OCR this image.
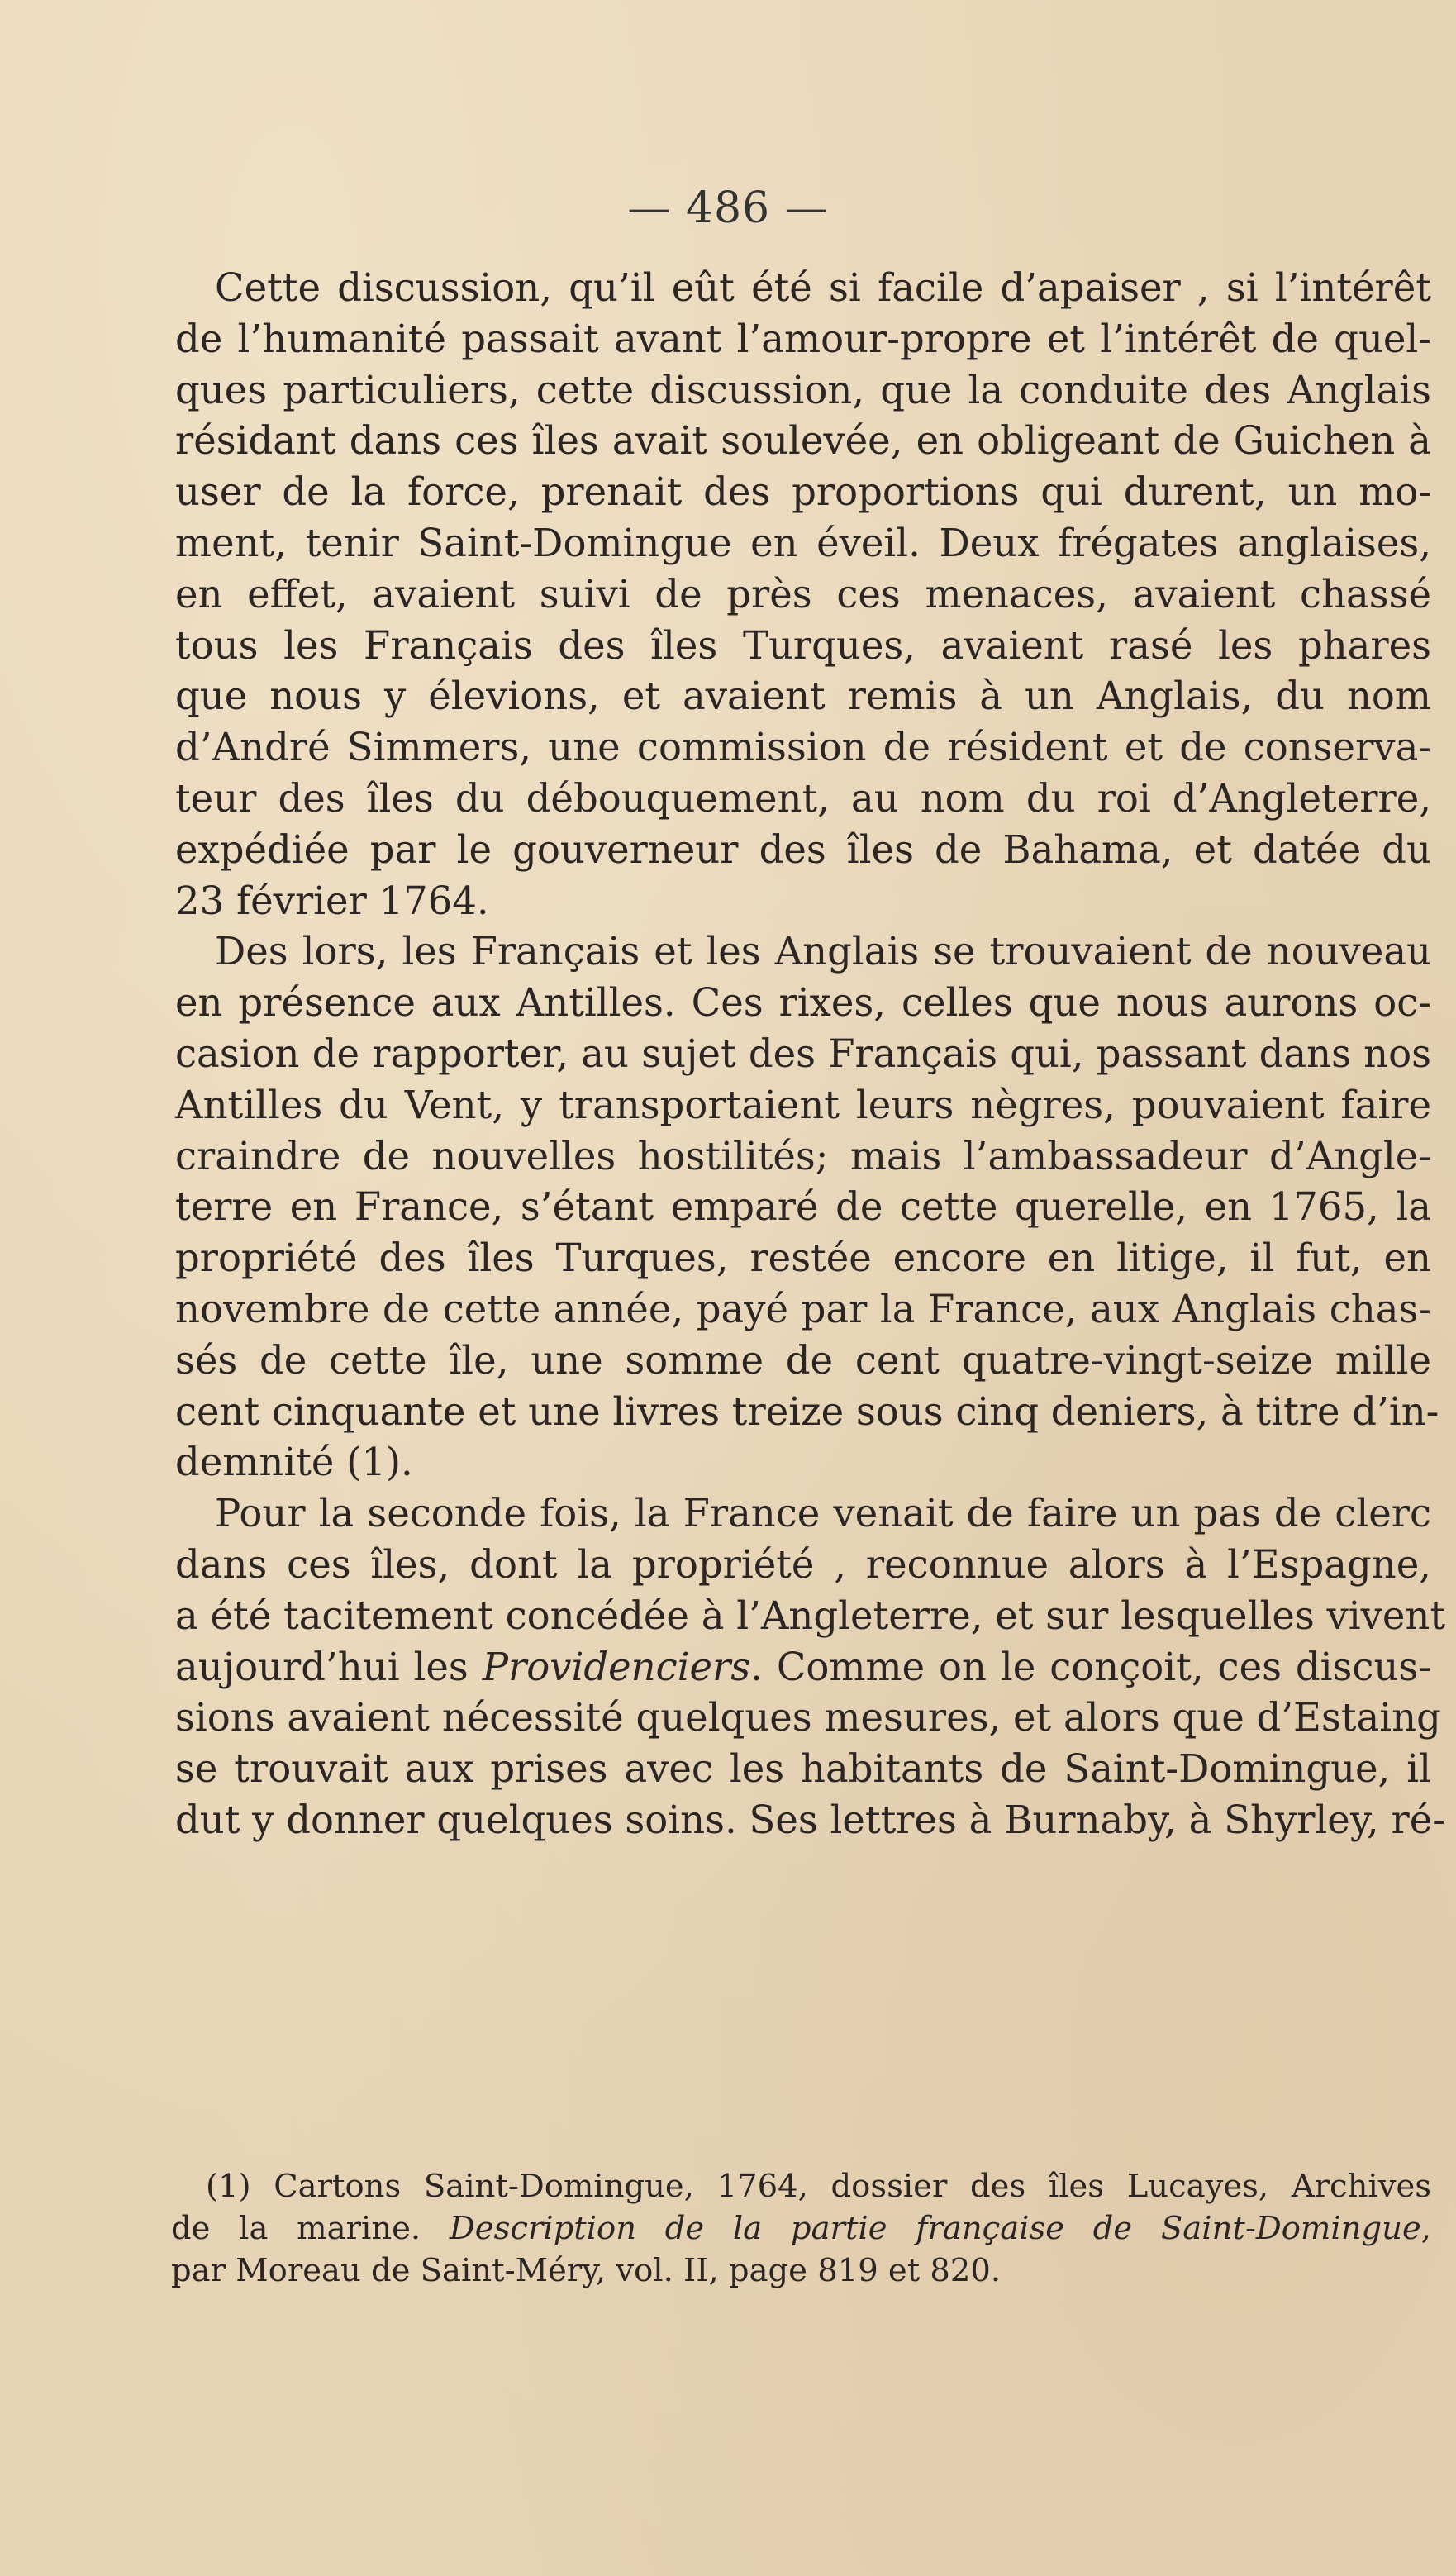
— 486 —
Cette discussion, qu’il eût été si facile d’apaiser , si l’intérêt
de l’humanité passait avant l’amour-propre et l’intérêt de quel-
ques particuliers, cette discussion, que la conduite des Anglais
résidant dans ces îles avait soulevée, en obligeant de Guichen à
user de la force, prenait des proportions qui durent, un mo-
ment, tenir Saint-Domingue en éveil. Deux frégates anglaises,
en effet, avaient suivi de près ces menaces, avaient chassé
tous les Français des îles Turques, avaient rasé les phares
que nous y élevions, et avaient remis à un Anglais, du nom
d’André Simmers, une commission de résident et de conserva-
teur des îles du débouquement, au nom du roi d’Angleterre,
expédiée par le gouverneur des îles de Bahama, et datée du
23 février 1764.
Des lors, les Français et les Anglais se trouvaient de nouveau
en présence aux Antilles. Ces rixes, celles que nous aurons oc-
casion de rapporter, au sujet des Français qui, passant dans nos
Antilles du Vent, y transportaient leurs nègres, pouvaient faire
craindre de nouvelles hostilités; mais l’ambassadeur d’Angle-
terre en France, s’étant emparé de cette querelle, en 1765, la
propriété des îles Turques, restée encore en litige, il fut, en
novembre de cette année, payé par la France, aux Anglais chas-
sés de cette île, une somme de cent quatre-vingt-seize mille
cent cinquante et une livres treize sous cinq deniers, à titre d’in-
demnité (1).
Pour la seconde fois, la France venait de faire un pas de clerc
dans ces îles, dont la propriété , reconnue alors à l’Espagne,
a été tacitement concédée à l’Angleterre, et sur lesquelles vivent
aujourd’hui les Providenciers. Comme on le conçoit, ces discus-
sions avaient nécessité quelques mesures, et alors que d’Estaing
se trouvait aux prises avec les habitants de Saint-Domingue, il
dut y donner quelques soins. Ses lettres à Burnaby, à Shyrley, ré-
(1) Cartons Saint-Domingue, 1764, dossier des îles Lucayes, Archives
de la marine. Description de la partie française de Saint-Domingue,
par Moreau de Saint-Méry, vol. II, page 819 et 820.
